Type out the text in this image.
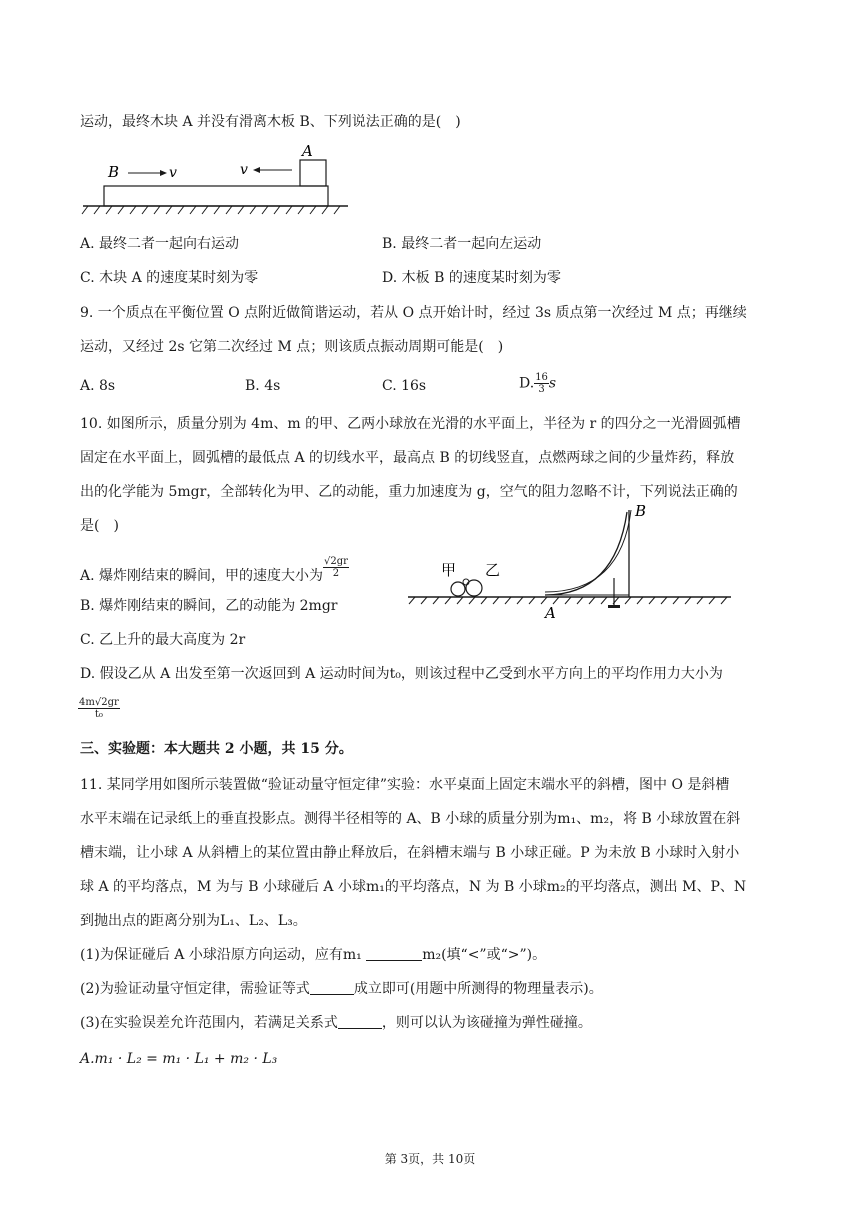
运动，最终木块 A 并没有滑离木板 B、下列说法正确的是(　)
B	v	v
A
A. 最终二者一起向右运动	B. 最终二者一起向左运动
C. 木块 A 的速度某时刻为零	D. 木板 B 的速度某时刻为零
9. 一个质点在平衡位置 O 点附近做简谐运动，若从 O 点开始计时，经过 3s 质点第一次经过 M 点；再继续
运动，又经过 2s 它第二次经过 M 点；则该质点振动周期可能是(　)
A. 8s	B. 4s	C. 16s	D. $\frac{16}{3}$ s
10. 如图所示，质量分别为 4m、m 的甲、乙两小球放在光滑的水平面上，半径为 r 的四分之一光滑圆弧槽
固定在水平面上，圆弧槽的最低点 A 的切线水平，最高点 B 的切线竖直，点燃两球之间的少量炸药，释放
出的化学能为 5mgr，全部转化为甲、乙的动能，重力加速度为 g，空气的阻力忽略不计，下列说法正确的
是(　)
A. 爆炸刚结束的瞬间，甲的速度大小为 $\frac{√2gr}{2}$
B. 爆炸刚结束的瞬间，乙的动能为 2mgr
C. 乙上升的最大高度为 2r
D. 假设乙从 A 出发至第一次返回到 A 运动时间为t₀，则该过程中乙受到水平方向上的平均作用力大小为
$\frac{4m√2gr}{\text{t₀}}$
甲 乙
A
B
三、实验题：本大题共 2 小题，共 15 分。
11. 某同学用如图所示装置做“验证动量守恒定律”实验：水平桌面上固定末端水平的斜槽，图中 O 是斜槽
水平末端在记录纸上的垂直投影点。测得半径相等的 A、B 小球的质量分别为m₁、m₂，将 B 小球放置在斜
槽末端，让小球 A 从斜槽上的某位置由静止释放后，在斜槽末端与 B 小球正碰。P 为未放 B 小球时入射小
球 A 的平均落点，M 为与 B 小球碰后 A 小球m₁的平均落点，N 为 B 小球m₂的平均落点，测出 M、P、N
到抛出点的距离分别为L₁、L₂、L₃。
(1)为保证碰后 A 小球沿原方向运动，应有m₁	m₂(填“<”或“>”)。
(2)为验证动量守恒定律，需验证等式	成立即可(用题中所测得的物理量表示)。
(3)在实验误差允许范围内，若满足关系式	，则可以认为该碰撞为弹性碰撞。
A.m₁ · L₂ = m₁ · L₁ + m₂ · L₃
第 3页，共 10页
